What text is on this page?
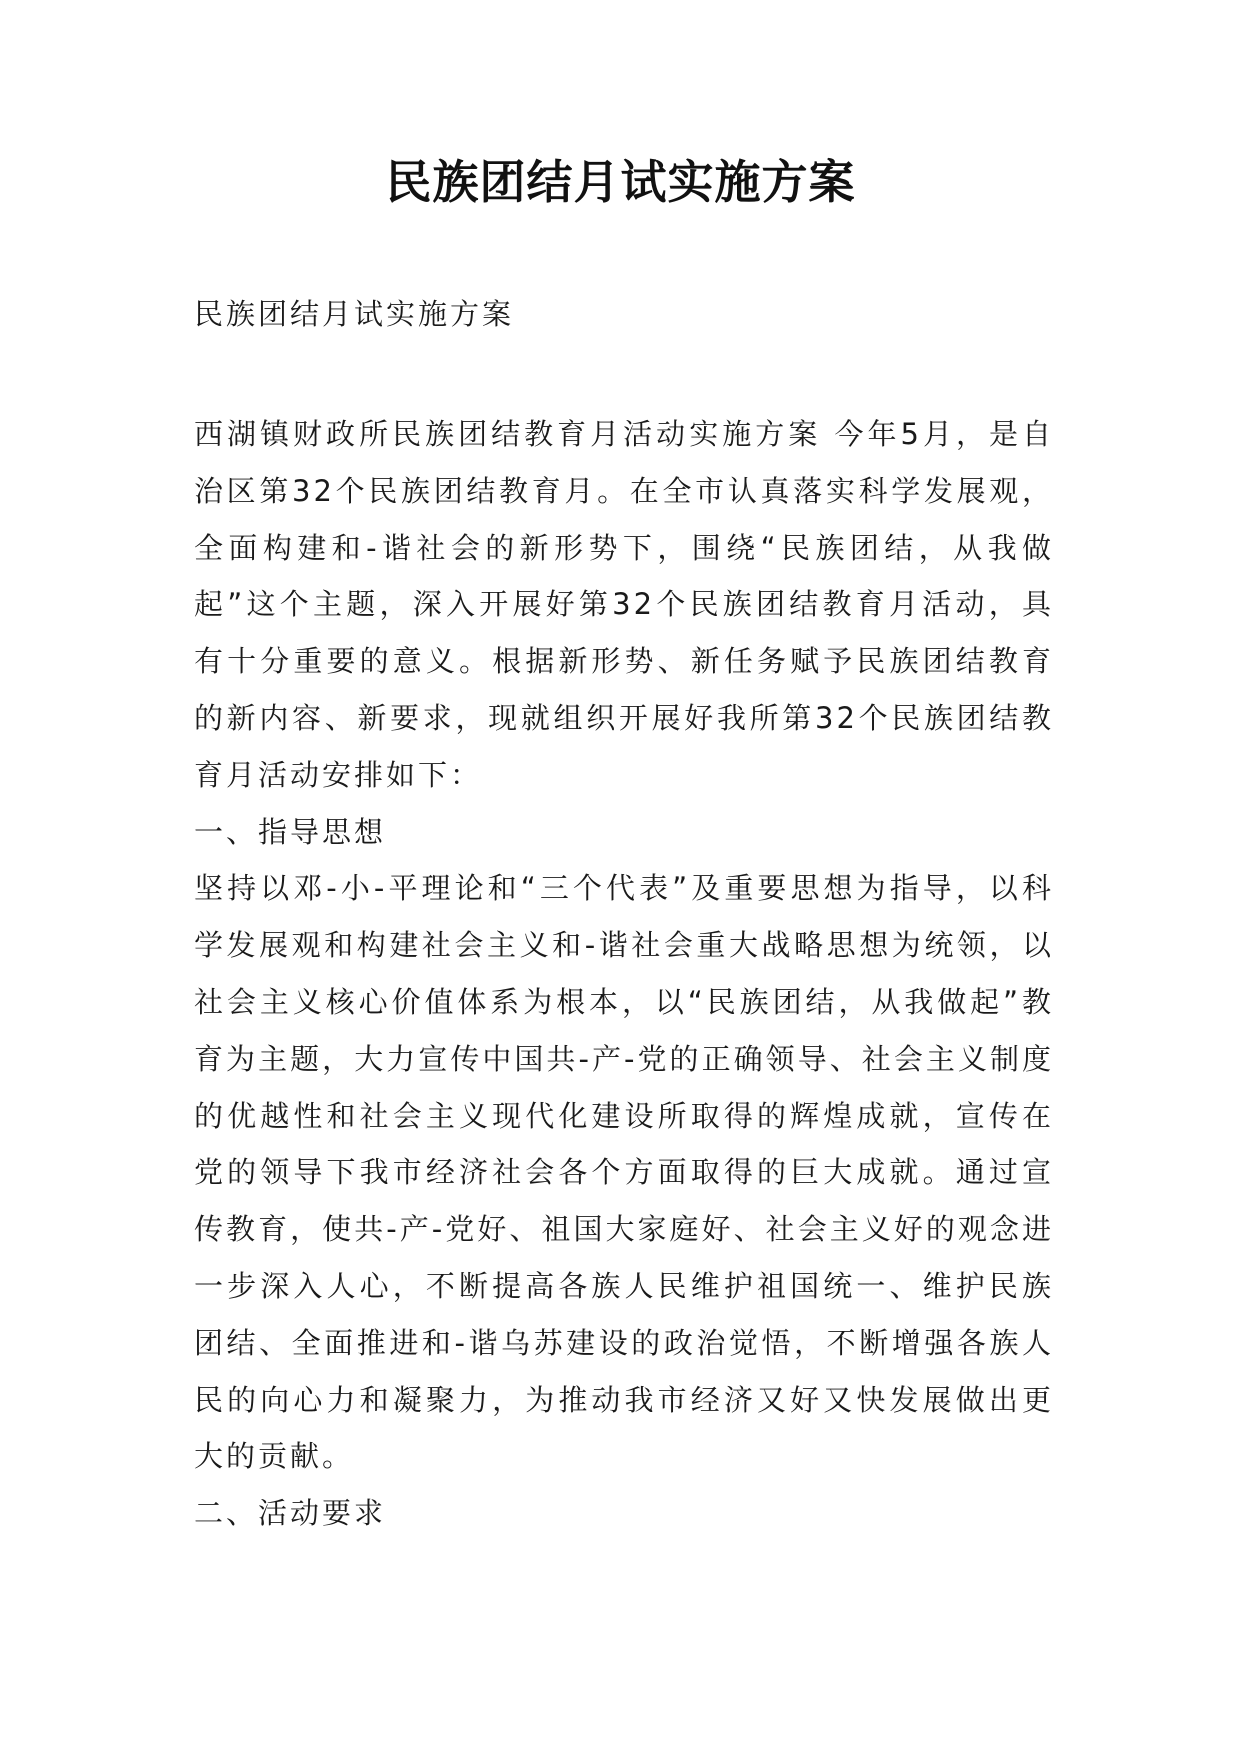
民族团结月试实施方案

民族团结月试实施方案

西湖镇财政所民族团结教育月活动实施方案 今年5月，是自治区第32个民族团结教育月。在全市认真落实科学发展观，全面构建和-谐社会的新形势下，围绕“民族团结，从我做起”这个主题，深入开展好第32个民族团结教育月活动，具有十分重要的意义。根据新形势、新任务赋予民族团结教育的新内容、新要求，现就组织开展好我所第32个民族团结教育月活动安排如下：

一、指导思想

坚持以邓-小-平理论和“三个代表”及重要思想为指导，以科学发展观和构建社会主义和-谐社会重大战略思想为统领，以社会主义核心价值体系为根本，以“民族团结，从我做起”教育为主题，大力宣传中国共-产-党的正确领导、社会主义制度的优越性和社会主义现代化建设所取得的辉煌成就，宣传在党的领导下我市经济社会各个方面取得的巨大成就。通过宣传教育，使共-产-党好、祖国大家庭好、社会主义好的观念进一步深入人心，不断提高各族人民维护祖国统一、维护民族团结、全面推进和-谐乌苏建设的政治觉悟，不断增强各族人民的向心力和凝聚力，为推动我市经济又好又快发展做出更大的贡献。

二、活动要求
